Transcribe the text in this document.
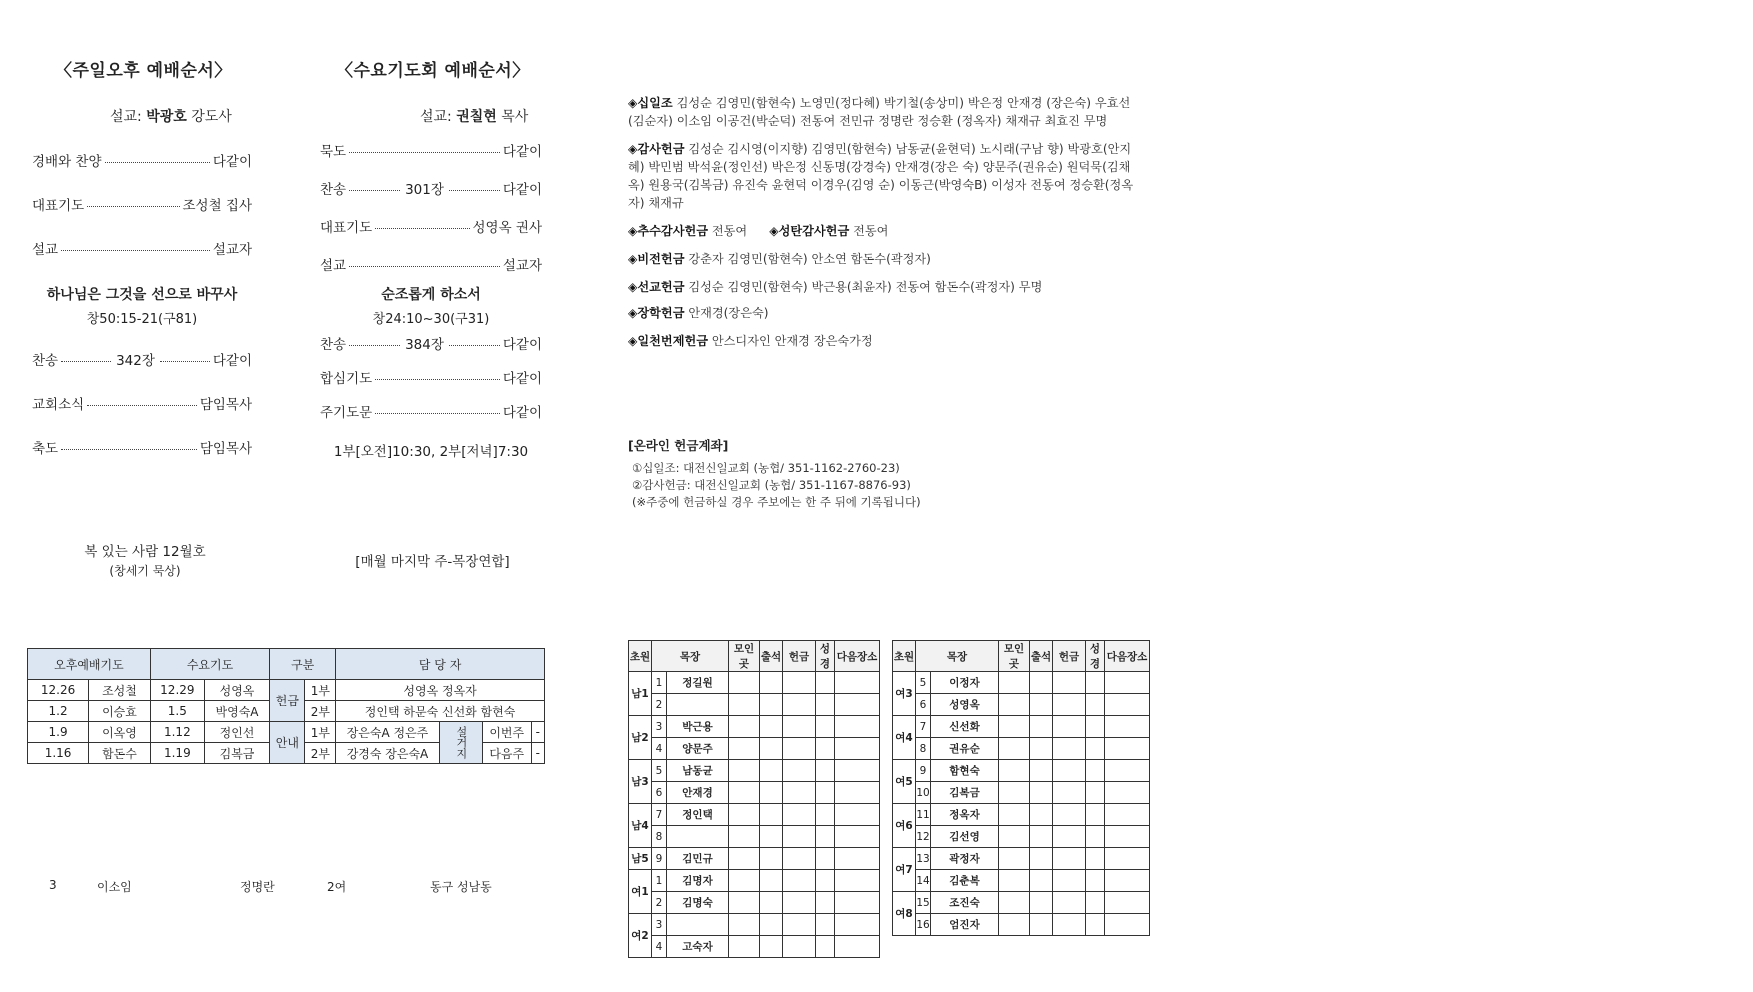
〈주일오후 예배순서〉
설교: 박광호 강도사
경배와 찬양	다같이
대표기도	조성철 집사
설교	설교자
하나님은 그것을 선으로 바꾸사
창50:15-21(구81)
찬송	342장	다같이
교회소식	담임목사
축도	담임목사
복 있는 사람 12월호
(창세기 묵상)
〈수요기도회 예배순서〉
설교: 권칠현 목사
묵도	다같이
찬송	301장	다같이
대표기도	성영옥 권사
설교	설교자
순조롭게 하소서
창24:10~30(구31)
찬송	384장	다같이
합심기도	다같이
주기도문	다같이
1부[오전]10:30, 2부[저녁]7:30
[매월 마지막 주-목장연합]
◈십일조 김성순 김영민(함현숙) 노영민(정다혜) 박기철(송상미) 박은정 안재경 (장은숙) 우효선(김순자) 이소임 이공건(박순덕) 전동여 전민규 정명란 정승환 (정옥자) 채재규 최효진 무명
◈감사헌금 김성순 김시영(이지향) 김영민(함현숙) 남동균(윤현덕) 노시래(구남 향) 박광호(안지혜) 박민범 박석윤(정인선) 박은정 신동명(강경숙) 안재경(장은 숙) 양문주(권유순) 원덕묵(김채옥) 원용국(김복금) 유진숙 윤현덕 이경우(김영 순) 이동근(박영숙B) 이성자 전동여 정승환(정옥자) 채재규
◈추수감사헌금 전동여 ◈성탄감사헌금 전동여
◈비전헌금 강춘자 김영민(함현숙) 안소연 함돈수(곽정자)
◈선교헌금 김성순 김영민(함현숙) 박근용(최윤자) 전동여 함돈수(곽정자) 무명
◈장학헌금 안재경(장은숙)
◈일천번제헌금 안스디자인 안재경 장은숙가정
[온라인 헌금계좌]
①십일조: 대전신일교회 (농협/ 351-1162-2760-23)
②감사헌금: 대전신일교회 (농협/ 351-1167-8876-93)
(※주중에 헌금하실 경우 주보에는 한 주 뒤에 기록됩니다)
오후예배기도		수요기도		구분		담 당 자			
12.26	조성철	12.29	성영옥	헌금	1부	성영옥 정옥자			
1.2	이승효	1.5	박영숙A		2부	정인택 하문숙 신선화 함현숙			
1.9	이옥영	1.12	정인선	안내	1부	장은숙A 정은주	설거지	이번주	-
1.16	함돈수	1.19	김복금		2부	강경숙 장은숙A		다음주	-
초원	목장		모인곳	출석	헌금	성경	다음장소
남1	1	정길원					
	2						
남2	3	박근용					
	4	양문주					
남3	5	남동균					
	6	안재경					
남4	7	정인택					
	8						
남5	9	김민규					
여1	1	김명자					
	2	김명숙					
여2	3						
	4	고숙자					
초원	목장		모인곳	출석	헌금	성경	다음장소
여3	5	이정자					
	6	성영옥					
여4	7	신선화					
	8	권유순					
여5	9	함현숙					
	10	김복금					
여6	11	정옥자					
	12	김선영					
여7	13	곽정자					
	14	김춘복					
여8	15	조진숙					
	16	엄진자					
3	이소임	정명란	2여	동구 성남동
